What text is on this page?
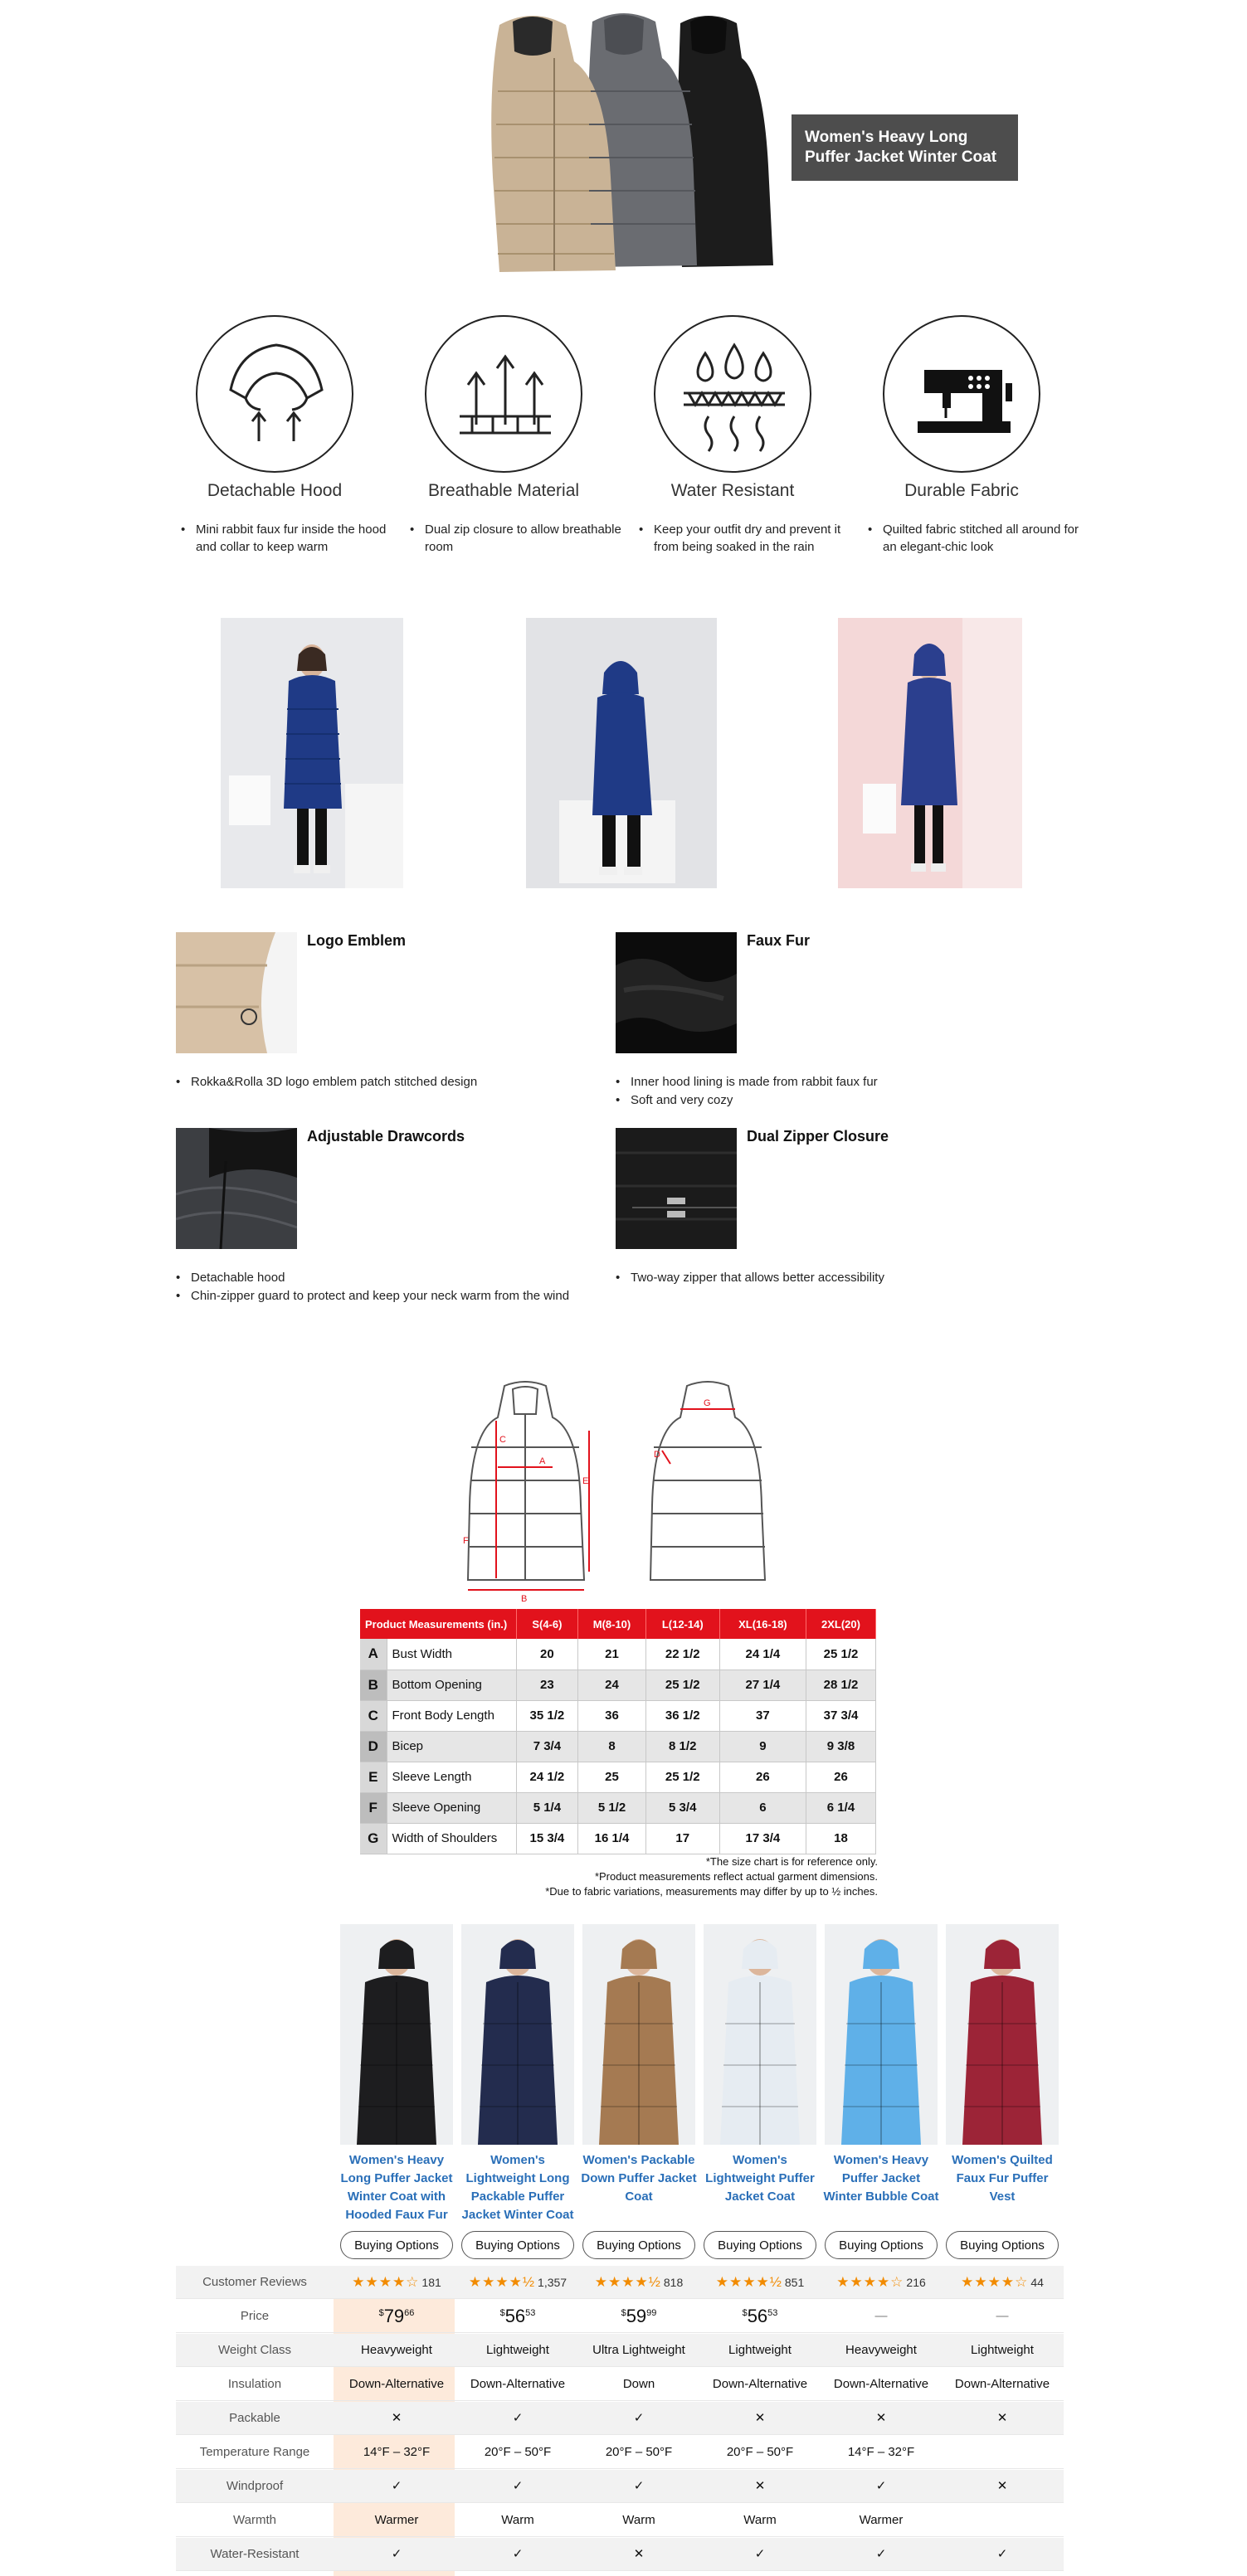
Women's Heavy Long Puffer Jacket Winter Coat
Detachable Hood
• Mini rabbit faux fur inside the hood and collar to keep warm
Breathable Material
• Dual zip closure to allow breathable room
Water Resistant
• Keep your outfit dry and prevent it from being soaked in the rain
Durable Fabric
• Quilted fabric stitched all around for an elegant-chic look
Logo Emblem
• Rokka&Rolla 3D logo emblem patch stitched design
Faux Fur
• Inner hood lining is made from rabbit faux fur
• Soft and very cozy
Adjustable Drawcords
• Detachable hood
• Chin-zipper guard to protect and keep your neck warm from the wind
Dual Zipper Closure
• Two-way zipper that allows better accessibility
C
A
E
F
B
G
D
Product Measurements (in.)		S(4-6)	M(8-10)	L(12-14)	XL(16-18)	2XL(20)
A	Bust Width	20	21	22 1/2	24 1/4	25 1/2
B	Bottom Opening	23	24	25 1/2	27 1/4	28 1/2
C	Front Body Length	35 1/2	36	36 1/2	37	37 3/4
D	Bicep	7 3/4	8	8 1/2	9	9 3/8
E	Sleeve Length	24 1/2	25	25 1/2	26	26
F	Sleeve Opening	5 1/4	5 1/2	5 3/4	6	6 1/4
G	Width of Shoulders	15 3/4	16 1/4	17	17 3/4	18
*The size chart is for reference only.
*Product measurements reflect actual garment dimensions.
*Due to fabric variations, measurements may differ by up to ½ inches.
Women's Heavy Long Puffer Jacket Winter Coat with Hooded Faux Fur
Buying Options
Women's Lightweight Long Packable Puffer Jacket Winter Coat
Buying Options
Women's Packable Down Puffer Jacket Coat
Buying Options
Women's Lightweight Puffer Jacket Coat
Buying Options
Women's Heavy Puffer Jacket Winter Bubble Coat
Buying Options
Women's Quilted Faux Fur Puffer Vest
Buying Options
Customer Reviews	★★★★☆ 181	★★★★½ 1,357	★★★★½ 818	★★★★½ 851	★★★★☆ 216	★★★★☆ 44
Price	$^{\$}79^{66}$	$^{\$}56^{53}$	$^{\$}59^{99}$	$^{\$}56^{53}$	—	—
Weight Class	Heavyweight	Lightweight	Ultra Lightweight	Lightweight	Heavyweight	Lightweight
Insulation	Down-Alternative	Down-Alternative	Down	Down-Alternative	Down-Alternative	Down-Alternative
Packable	✕	✓	✓	✕	✕	✕
Temperature Range	14°F – 32°F	20°F – 50°F	20°F – 50°F	20°F – 50°F	14°F – 32°F
Windproof	✓	✓	✓	✕	✓	✕
Warmth	Warmer	Warm	Warm	Warm	Warmer
Water-Resistant	✓	✓	✕	✓	✓	✓
